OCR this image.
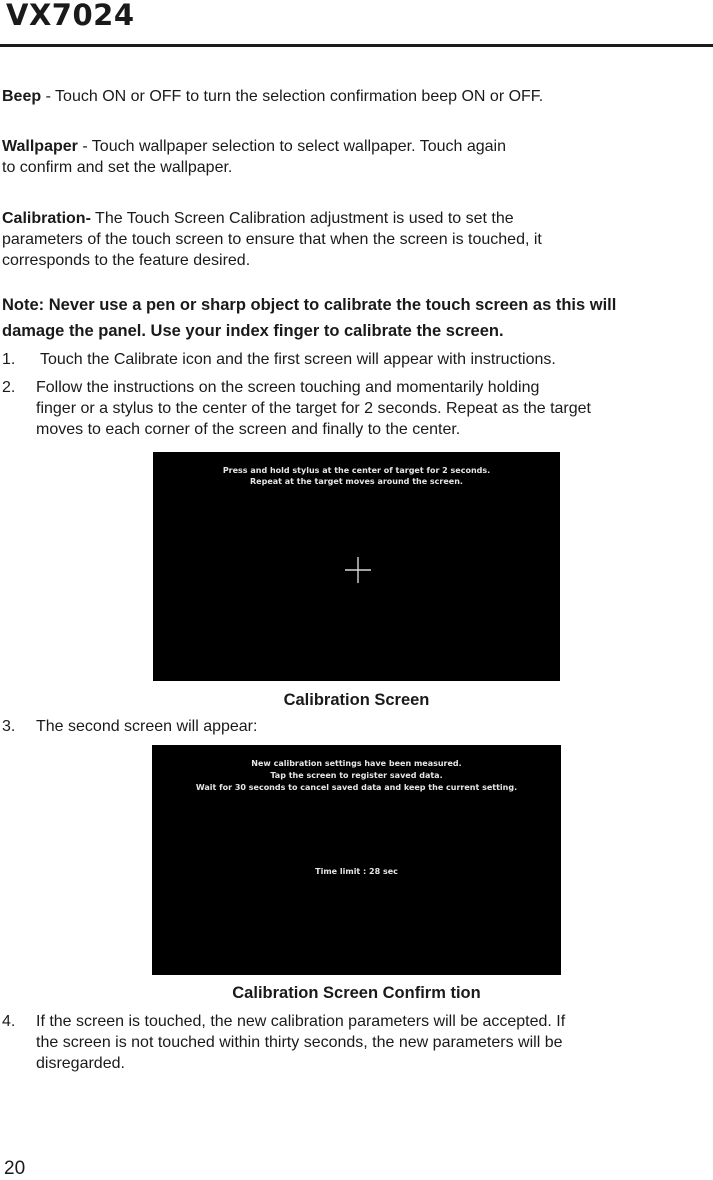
VX7024

Beep - Touch ON or OFF to turn the selection confirmation beep ON or OFF.

Wallpaper - Touch wallpaper selection to select wallpaper. Touch again
to confirm and set the wallpaper.

Calibration- The Touch Screen Calibration adjustment is used to set the
parameters of the touch screen to ensure that when the screen is touched, it
corresponds to the feature desired.

Note: Never use a pen or sharp object to calibrate the touch screen as this will
damage the panel. Use your index finger to calibrate the screen.

1. Touch the Calibrate icon and the first screen will appear with instructions.
2. Follow the instructions on the screen touching and momentarily holding
finger or a stylus to the center of the target for 2 seconds. Repeat as the target
moves to each corner of the screen and finally to the center.

Press and hold stylus at the center of target for 2 seconds.

Repeat at the target moves around the screen.

Calibration Screen

3. The second screen will appear:

New calibration settings have been measured.

Tap the screen to register saved data.

Wait for 30 seconds to cancel saved data and keep the current setting.

Time limit : 28 sec

Calibration Screen Confirm tion

4. If the screen is touched, the new calibration parameters will be accepted. If
the screen is not touched within thirty seconds, the new parameters will be
disregarded.

20
